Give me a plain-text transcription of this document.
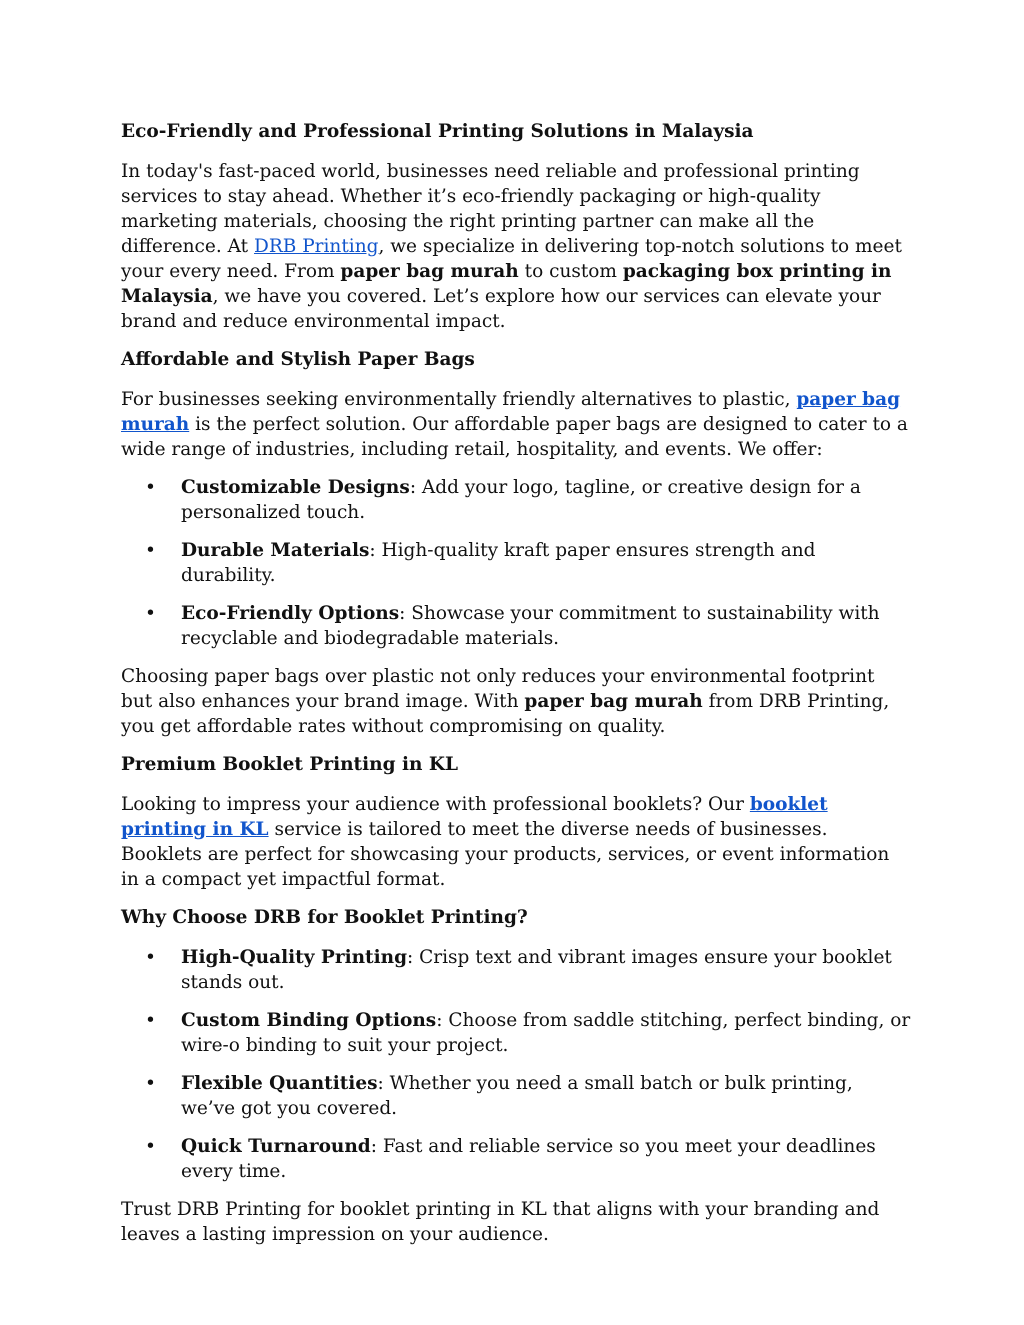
Eco-Friendly and Professional Printing Solutions in Malaysia

In today's fast-paced world, businesses need reliable and professional printing services to stay ahead. Whether it’s eco-friendly packaging or high-quality marketing materials, choosing the right printing partner can make all the difference. At DRB Printing, we specialize in delivering top-notch solutions to meet your every need. From paper bag murah to custom packaging box printing in Malaysia, we have you covered. Let’s explore how our services can elevate your brand and reduce environmental impact.

Affordable and Stylish Paper Bags

For businesses seeking environmentally friendly alternatives to plastic, paper bag murah is the perfect solution. Our affordable paper bags are designed to cater to a wide range of industries, including retail, hospitality, and events. We offer:

• Customizable Designs: Add your logo, tagline, or creative design for a personalized touch.
• Durable Materials: High-quality kraft paper ensures strength and durability.
• Eco-Friendly Options: Showcase your commitment to sustainability with recyclable and biodegradable materials.

Choosing paper bags over plastic not only reduces your environmental footprint but also enhances your brand image. With paper bag murah from DRB Printing, you get affordable rates without compromising on quality.

Premium Booklet Printing in KL

Looking to impress your audience with professional booklets? Our booklet printing in KL service is tailored to meet the diverse needs of businesses. Booklets are perfect for showcasing your products, services, or event information in a compact yet impactful format.

Why Choose DRB for Booklet Printing?
• High-Quality Printing: Crisp text and vibrant images ensure your booklet stands out.
• Custom Binding Options: Choose from saddle stitching, perfect binding, or wire-o binding to suit your project.
• Flexible Quantities: Whether you need a small batch or bulk printing, we’ve got you covered.
• Quick Turnaround: Fast and reliable service so you meet your deadlines every time.

Trust DRB Printing for booklet printing in KL that aligns with your branding and leaves a lasting impression on your audience.
